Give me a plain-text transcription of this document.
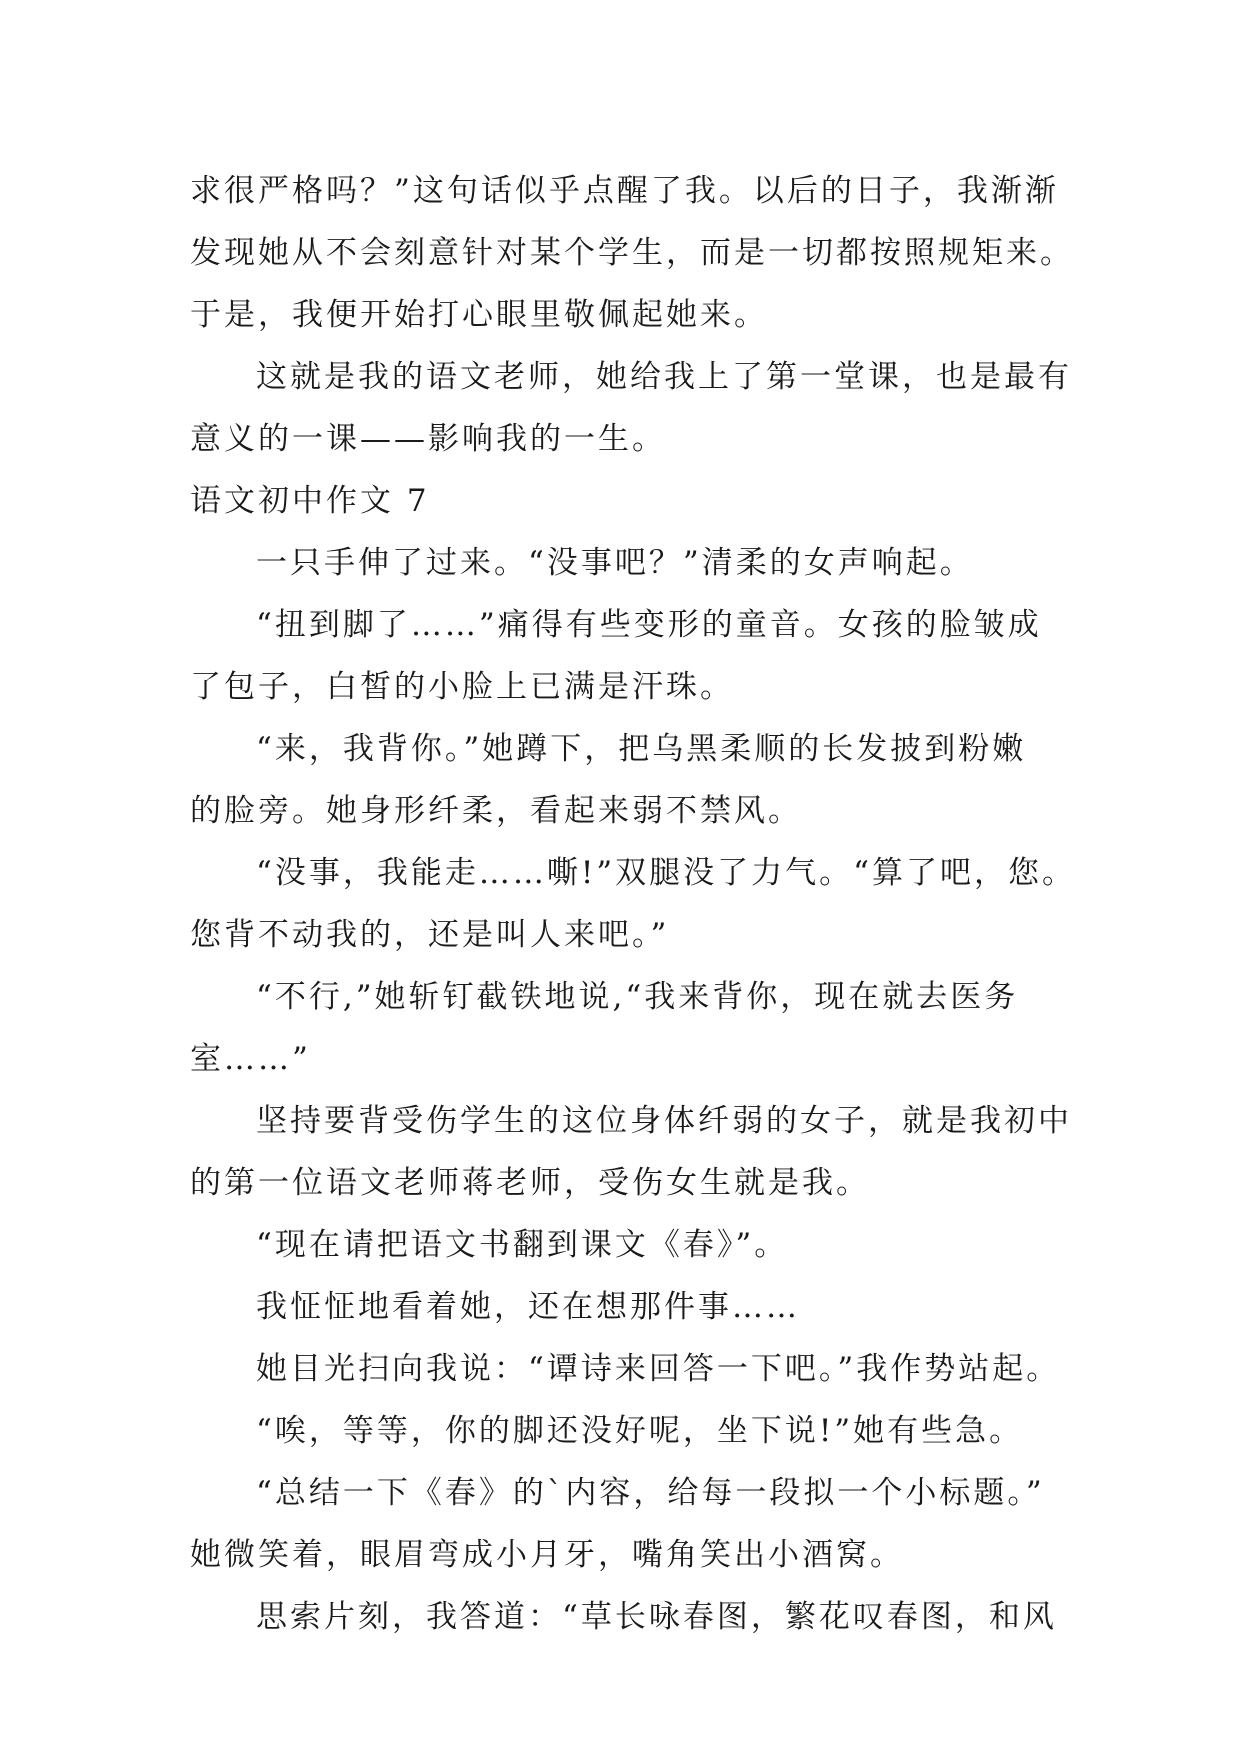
求很严格吗？”这句话似乎点醒了我。以后的日子，我渐渐
发现她从不会刻意针对某个学生，而是一切都按照规矩来。
于是，我便开始打心眼里敬佩起她来。
这就是我的语文老师，她给我上了第一堂课，也是最有
意义的一课——影响我的一生。
语文初中作文 7
一只手伸了过来。“没事吧？”清柔的女声响起。
“扭到脚了……”痛得有些变形的童音。女孩的脸皱成
了包子，白皙的小脸上已满是汗珠。
“来，我背你。”她蹲下，把乌黑柔顺的长发披到粉嫩
的脸旁。她身形纤柔，看起来弱不禁风。
“没事，我能走……嘶!”双腿没了力气。“算了吧，您。
您背不动我的，还是叫人来吧。”
“不行,”她斩钉截铁地说,“我来背你，现在就去医务
室……”
坚持要背受伤学生的这位身体纤弱的女子，就是我初中
的第一位语文老师蒋老师，受伤女生就是我。
“现在请把语文书翻到课文《春》”。
我怔怔地看着她，还在想那件事……
她目光扫向我说：“谭诗来回答一下吧。”我作势站起。
“唉，等等，你的脚还没好呢，坐下说!”她有些急。
“总结一下《春》的`内容，给每一段拟一个小标题。”
她微笑着，眼眉弯成小月牙，嘴角笑出小酒窝。
思索片刻，我答道：“草长咏春图，繁花叹春图，和风
